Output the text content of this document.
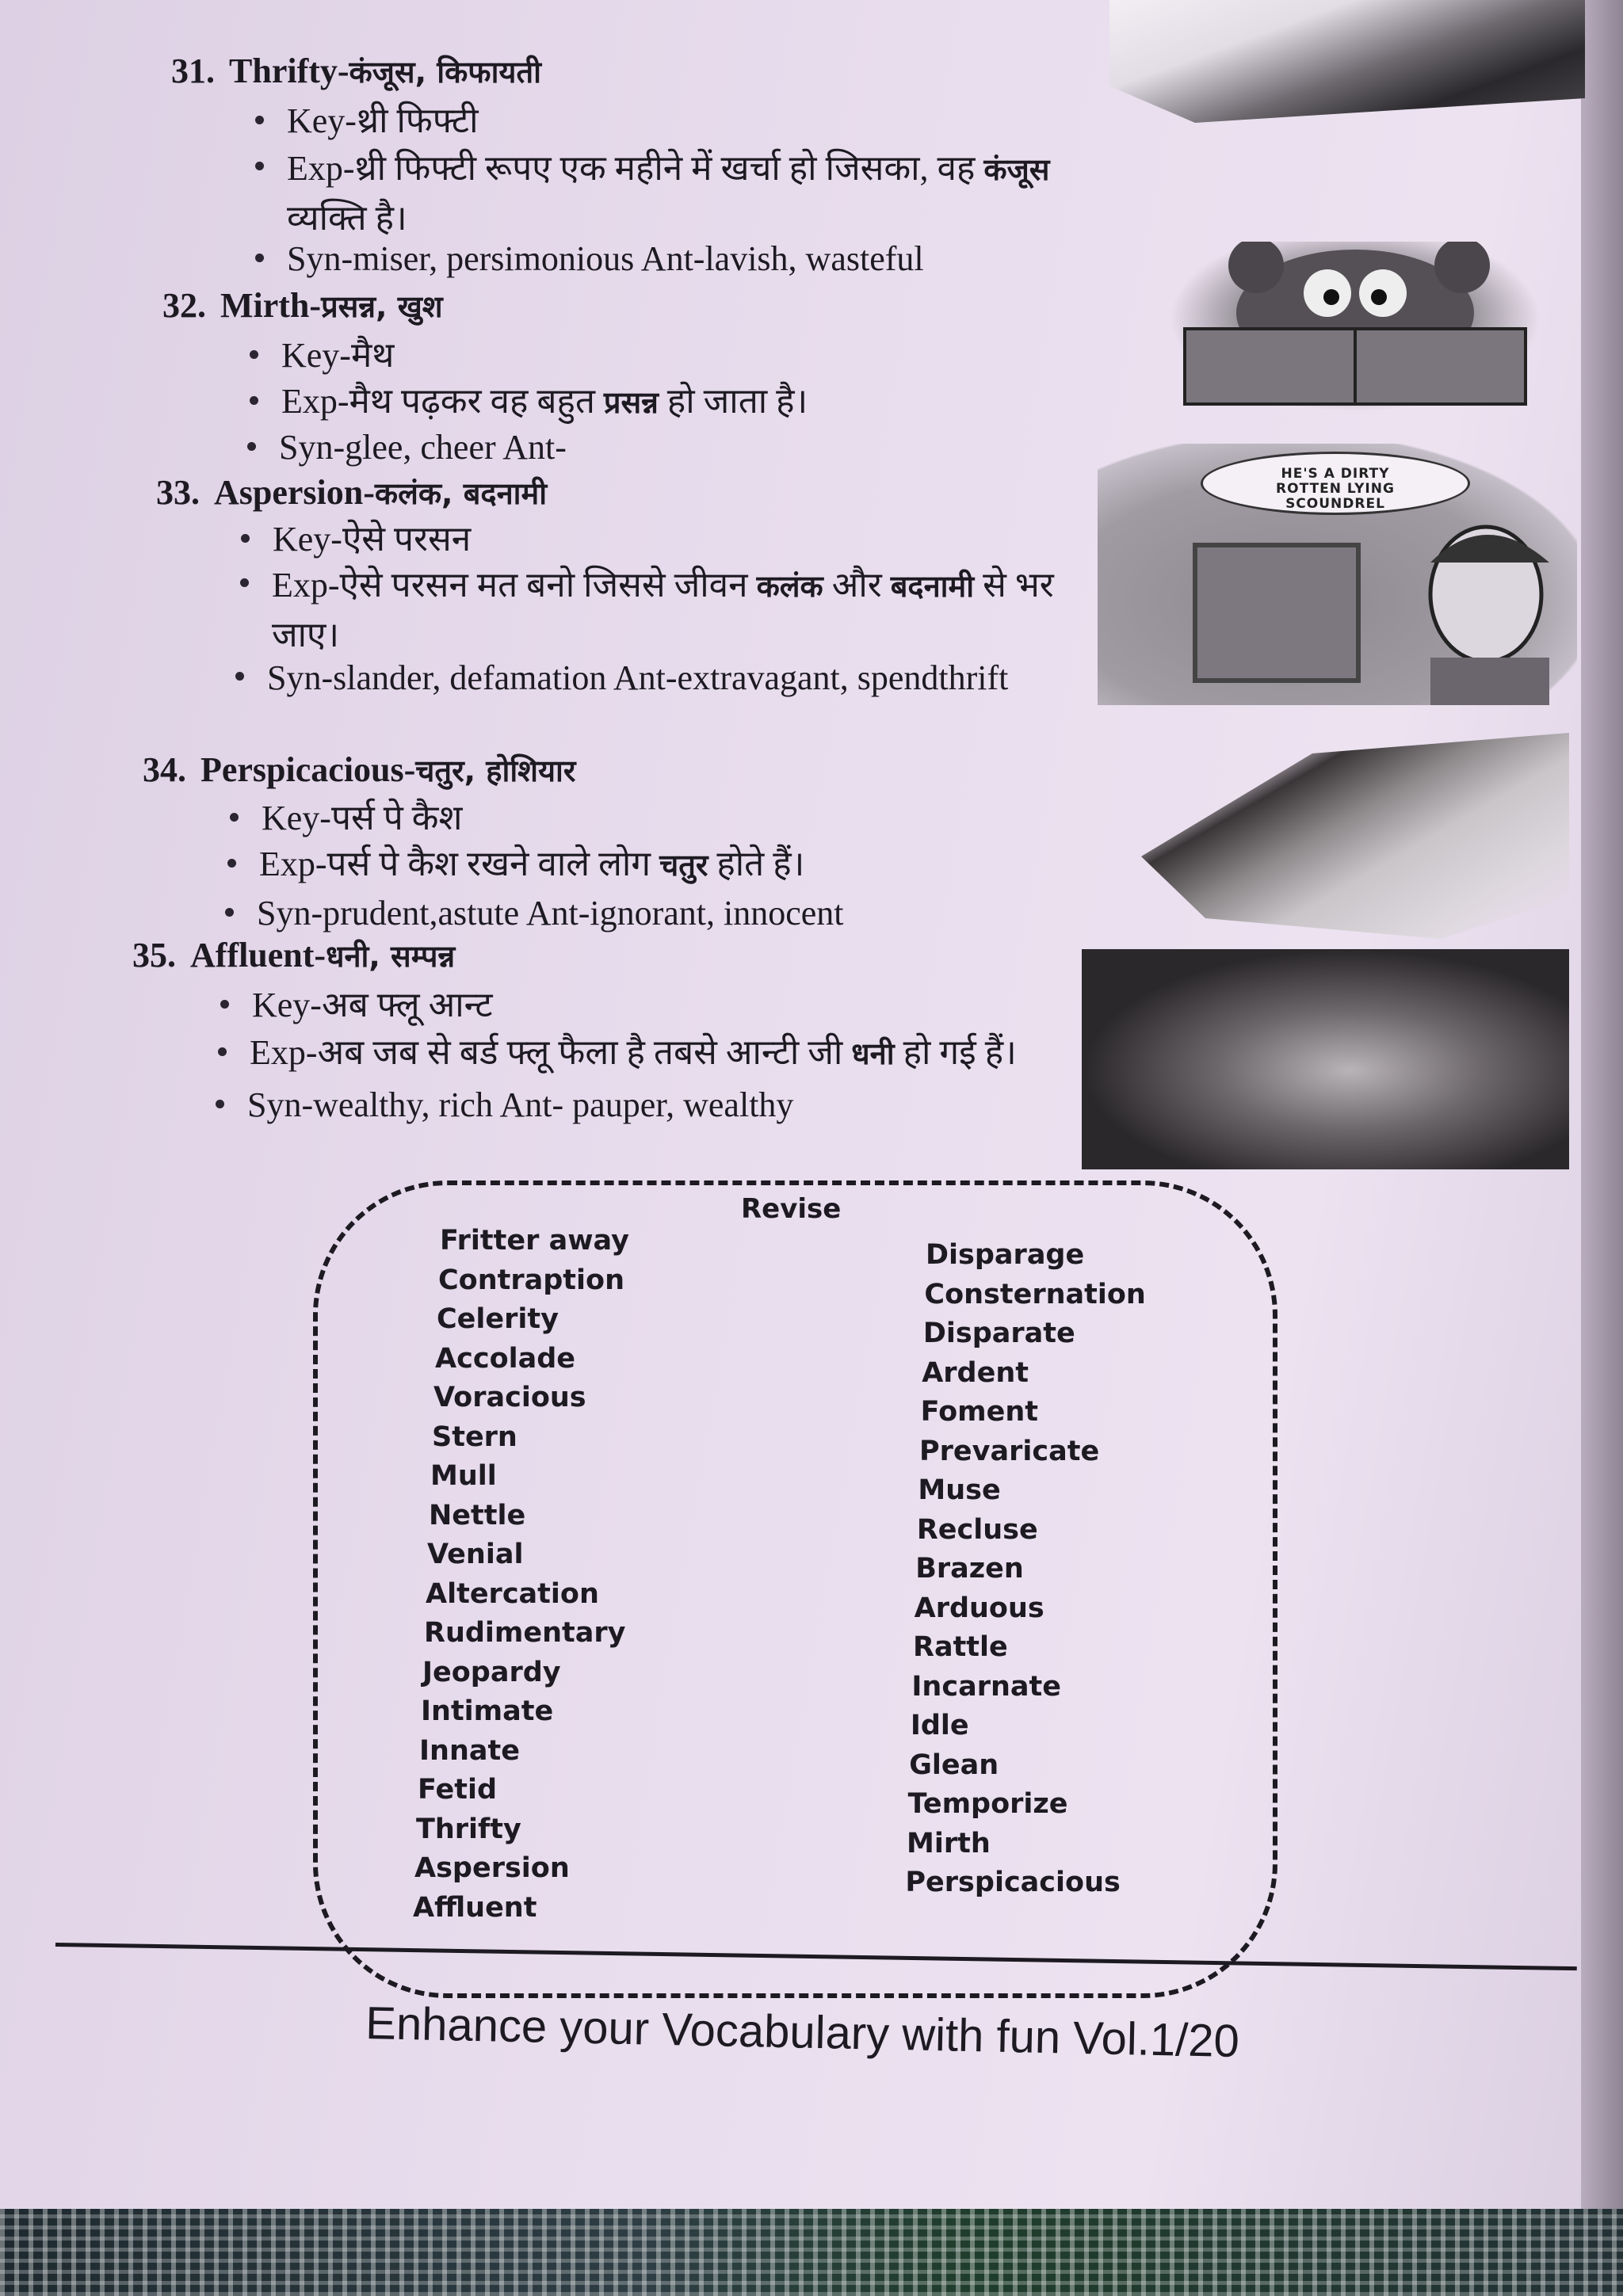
HE'S A DIRTY
ROTTEN LYING
SCOUNDREL
31. Thrifty-कंजूस, किफायती
Key-थ्री फिफ्टी
Exp-थ्री फिफ्टी रूपए एक महीने में खर्चा हो जिसका, वह कंजूस व्यक्ति है।
Syn-miser, persimonious Ant-lavish, wasteful
32. Mirth-प्रसन्न, खुश
Key-मैथ
Exp-मैथ पढ़कर वह बहुत प्रसन्न हो जाता है।
Syn-glee, cheer Ant-
33. Aspersion-कलंक, बदनामी
Key-ऐसे परसन
Exp-ऐसे परसन मत बनो जिससे जीवन कलंक और बदनामी से भर जाए।
Syn-slander, defamation Ant-extravagant, spendthrift
34. Perspicacious-चतुर, होशियार
Key-पर्स पे कैश
Exp-पर्स पे कैश रखने वाले लोग चतुर होते हैं।
Syn-prudent,astute Ant-ignorant, innocent
35. Affluent-धनी, सम्पन्न
Key-अब फ्लू आन्ट
Exp-अब जब से बर्ड फ्लू फैला है तबसे आन्टी जी धनी हो गई हैं।
Syn-wealthy, rich Ant- pauper, wealthy
Revise
Fritter away
Contraption
Celerity
Accolade
Voracious
Stern
Mull
Nettle
Venial
Altercation
Rudimentary
Jeopardy
Intimate
Innate
Fetid
Thrifty
Aspersion
Affluent
Disparage
Consternation
Disparate
Ardent
Foment
Prevaricate
Muse
Recluse
Brazen
Arduous
Rattle
Incarnate
Idle
Glean
Temporize
Mirth
Perspicacious
Enhance your Vocabulary with fun Vol.1/20
